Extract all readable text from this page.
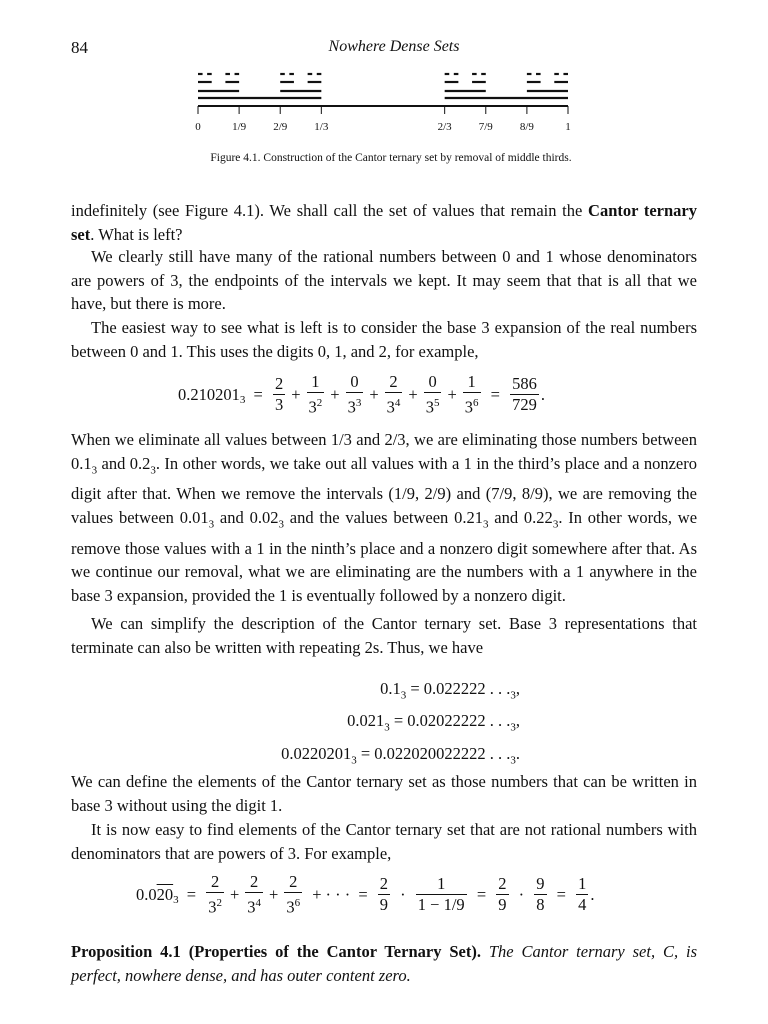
84	Nowhere Dense Sets
0	1/9 2/9 1/3	2/3 7/9 8/9	1
Figure 4.1. Construction of the Cantor ternary set by removal of middle thirds.
indefinitely (see Figure 4.1). We shall call the set of values that remain the Cantor ternary set. What is left?
We clearly still have many of the rational numbers between 0 and 1 whose denominators are powers of 3, the endpoints of the intervals we kept. It may seem that that is all that we have, but there is more.
The easiest way to see what is left is to consider the base 3 expansion of the real numbers between 0 and 1. This uses the digits 0, 1, and 2, for example,
$0.210201_3 = \frac{2}{3} + \frac{1}{3^2} + \frac{0}{3^3} + \frac{2}{3^4} + \frac{0}{3^5} + \frac{1}{3^6} = \frac{586}{729}$ .
When we eliminate all values between 1/3 and 2/3, we are eliminating those numbers between $0.1_3$ and $0.2_3$. In other words, we take out all values with a 1 in the third’s place and a nonzero digit after that. When we remove the intervals (1/9, 2/9) and (7/9, 8/9), we are removing the values between $0.01_3$ and $0.02_3$ and the values between $0.21_3$ and $0.22_3$. In other words, we remove those values with a 1 in the ninth’s place and a nonzero digit somewhere after that. As we continue our removal, what we are eliminating are the numbers with a 1 anywhere in the base 3 expansion, provided the 1 is eventually followed by a nonzero digit.
We can simplify the description of the Cantor ternary set. Base 3 representations that terminate can also be written with repeating 2s. Thus, we have
$0.1_3 = 0.022222$ . . $._3$,
$0.021_3 = 0.02022222$ . . $._3$,
$0.0220201_3 = 0.022020022222$ . . $._3$.
We can define the elements of the Cantor ternary set as those numbers that can be written in base 3 without using the digit 1.
It is now easy to find elements of the Cantor ternary set that are not rational numbers with denominators that are powers of 3. For example,
$0.020_3 = \frac{2}{3^2} + \frac{2}{3^4} + \frac{2}{3^6}$ + · · · = $\frac{2}{9} \cdot \frac{1}{1 - 1/9} = \frac{2}{9} \cdot \frac{9}{8} = \frac{1}{4}$ .
Proposition 4.1 (Properties of the Cantor Ternary Set). The Cantor ternary set, C, is perfect, nowhere dense, and has outer content zero.
